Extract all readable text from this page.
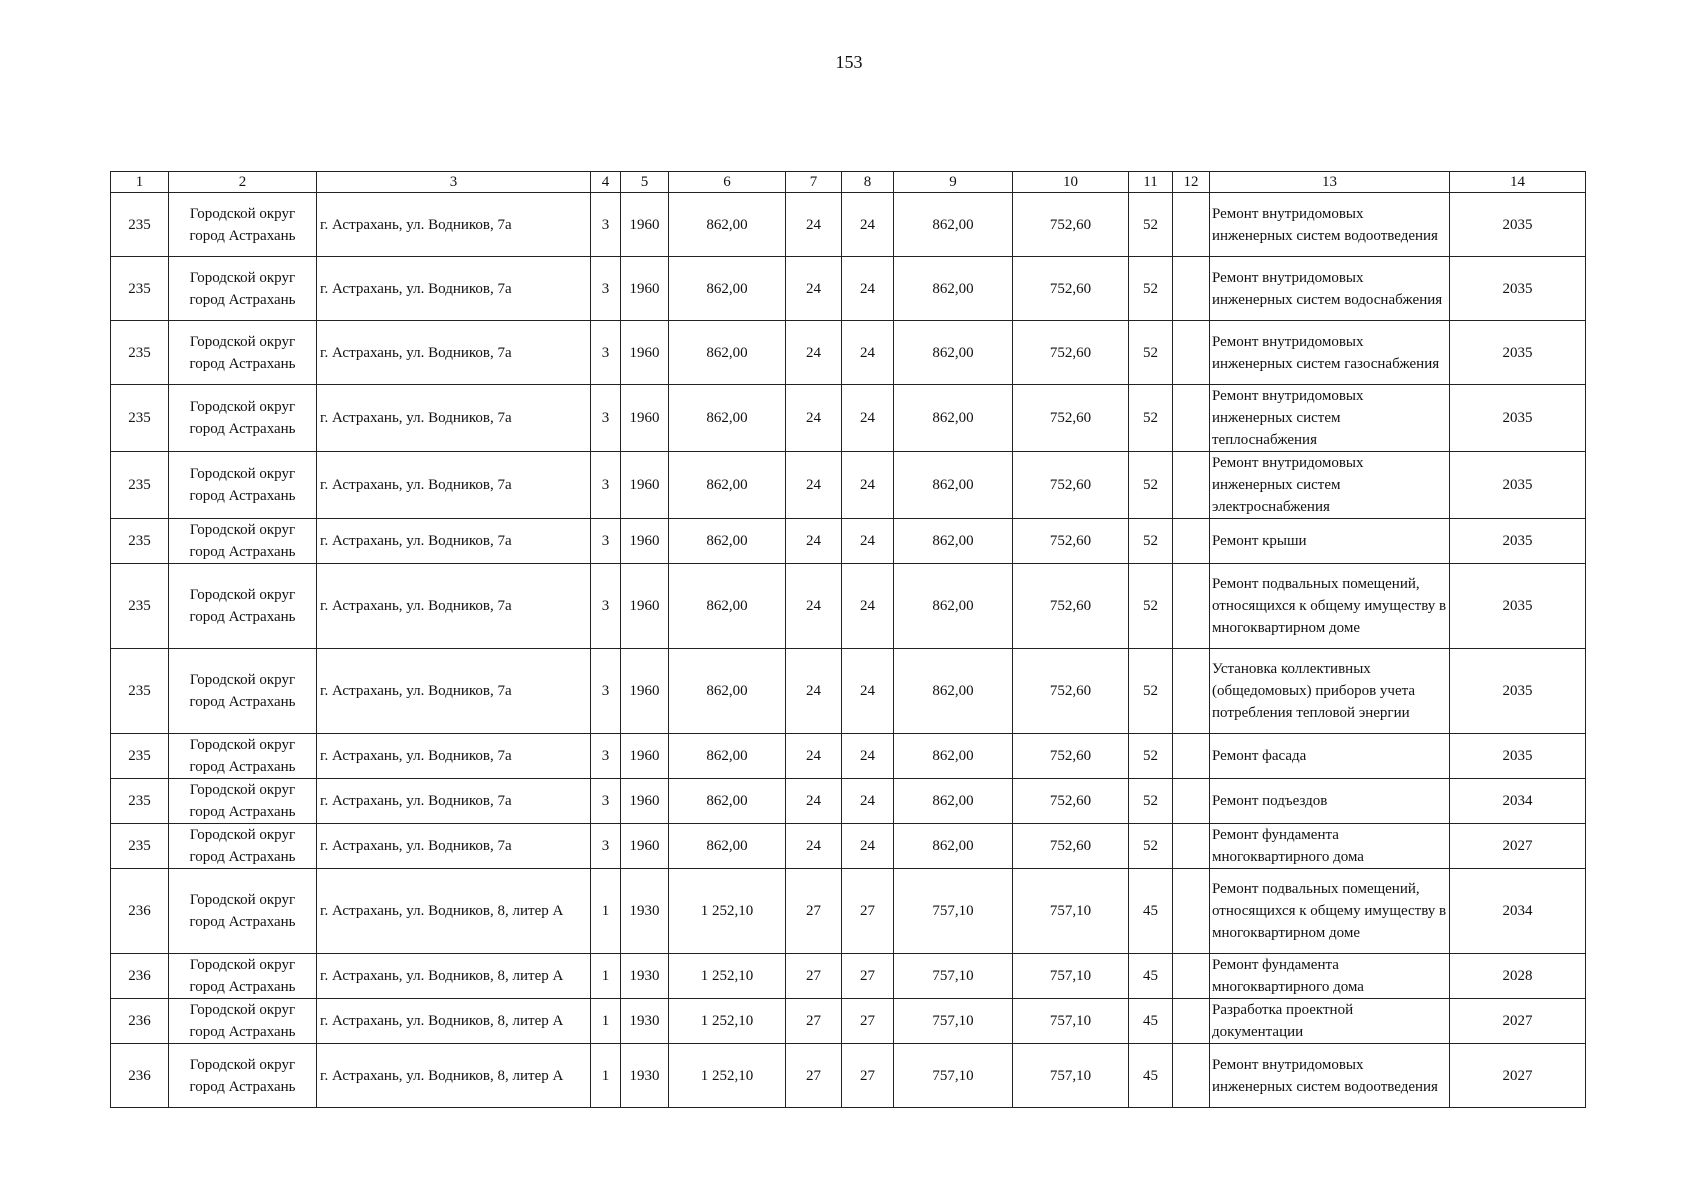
153
1	2	3	4	5	6	7	8	9	10	11	12	13	14
235	Городской округ город Астрахань	г. Астрахань, ул. Водников, 7а	3	1960	862,00	24	24	862,00	752,60	52		Ремонт внутридомовых инженерных систем водоотведения	2035
235	Городской округ город Астрахань	г. Астрахань, ул. Водников, 7а	3	1960	862,00	24	24	862,00	752,60	52		Ремонт внутридомовых инженерных систем водоснабжения	2035
235	Городской округ город Астрахань	г. Астрахань, ул. Водников, 7а	3	1960	862,00	24	24	862,00	752,60	52		Ремонт внутридомовых инженерных систем газоснабжения	2035
235	Городской округ город Астрахань	г. Астрахань, ул. Водников, 7а	3	1960	862,00	24	24	862,00	752,60	52		Ремонт внутридомовых инженерных систем теплоснабжения	2035
235	Городской округ город Астрахань	г. Астрахань, ул. Водников, 7а	3	1960	862,00	24	24	862,00	752,60	52		Ремонт внутридомовых инженерных систем электроснабжения	2035
235	Городской округ город Астрахань	г. Астрахань, ул. Водников, 7а	3	1960	862,00	24	24	862,00	752,60	52		Ремонт крыши	2035
235	Городской округ город Астрахань	г. Астрахань, ул. Водников, 7а	3	1960	862,00	24	24	862,00	752,60	52		Ремонт подвальных помещений, относящихся к общему имуществу в многоквартирном доме	2035
235	Городской округ город Астрахань	г. Астрахань, ул. Водников, 7а	3	1960	862,00	24	24	862,00	752,60	52		Установка коллективных (общедомовых) приборов учета потребления тепловой энергии	2035
235	Городской округ город Астрахань	г. Астрахань, ул. Водников, 7а	3	1960	862,00	24	24	862,00	752,60	52		Ремонт фасада	2035
235	Городской округ город Астрахань	г. Астрахань, ул. Водников, 7а	3	1960	862,00	24	24	862,00	752,60	52		Ремонт подъездов	2034
235	Городской округ город Астрахань	г. Астрахань, ул. Водников, 7а	3	1960	862,00	24	24	862,00	752,60	52		Ремонт фундамента многоквартирного дома	2027
236	Городской округ город Астрахань	г. Астрахань, ул. Водников, 8, литер А	1	1930	1 252,10	27	27	757,10	757,10	45		Ремонт подвальных помещений, относящихся к общему имуществу в многоквартирном доме	2034
236	Городской округ город Астрахань	г. Астрахань, ул. Водников, 8, литер А	1	1930	1 252,10	27	27	757,10	757,10	45		Ремонт фундамента многоквартирного дома	2028
236	Городской округ город Астрахань	г. Астрахань, ул. Водников, 8, литер А	1	1930	1 252,10	27	27	757,10	757,10	45		Разработка проектной документации	2027
236	Городской округ город Астрахань	г. Астрахань, ул. Водников, 8, литер А	1	1930	1 252,10	27	27	757,10	757,10	45		Ремонт внутридомовых инженерных систем водоотведения	2027
